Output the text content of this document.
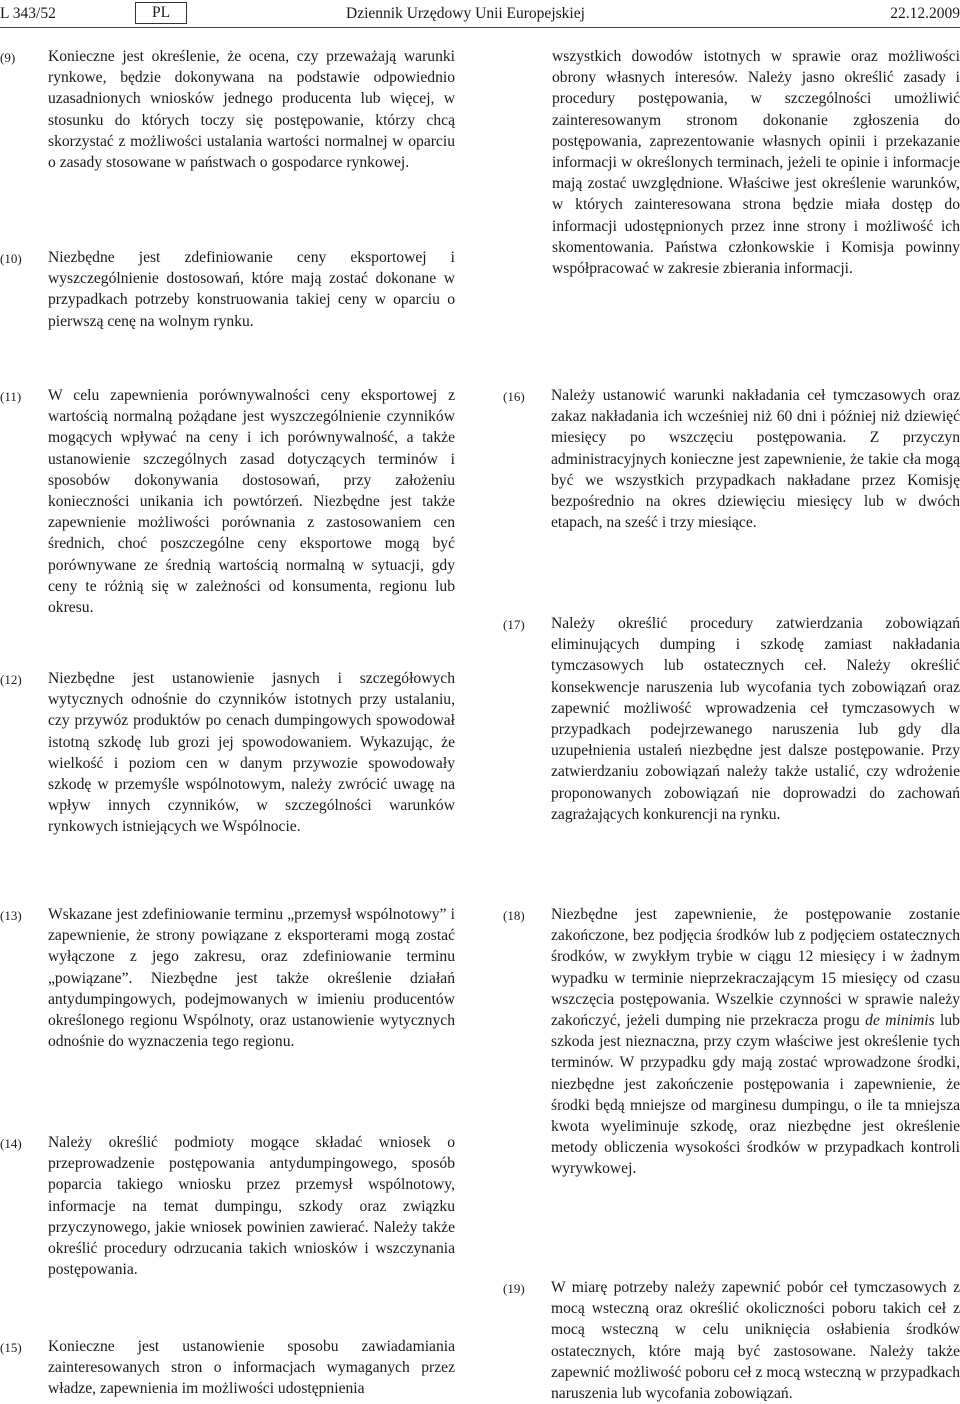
L 343/52	PL	Dziennik Urzędowy Unii Europejskiej	22.12.2009
(9) Konieczne jest określenie, że ocena, czy przeważają warunki rynkowe, będzie dokonywana na podstawie odpowiednio uzasadnionych wniosków jednego producenta lub więcej, w stosunku do których toczy się postępowanie, którzy chcą skorzystać z możliwości ustalania wartości normalnej w oparciu o zasady stosowane w państwach o gospodarce rynkowej.
(10) Niezbędne jest zdefiniowanie ceny eksportowej i wyszczególnienie dostosowań, które mają zostać dokonane w przypadkach potrzeby konstruowania takiej ceny w oparciu o pierwszą cenę na wolnym rynku.
(11) W celu zapewnienia porównywalności ceny eksportowej z wartością normalną pożądane jest wyszczególnienie czynników mogących wpływać na ceny i ich porównywalność, a także ustanowienie szczególnych zasad dotyczących terminów i sposobów dokonywania dostosowań, przy założeniu konieczności unikania ich powtórzeń. Niezbędne jest także zapewnienie możliwości porównania z zastosowaniem cen średnich, choć poszczególne ceny eksportowe mogą być porównywane ze średnią wartością normalną w sytuacji, gdy ceny te różnią się w zależności od konsumenta, regionu lub okresu.
(12) Niezbędne jest ustanowienie jasnych i szczegółowych wytycznych odnośnie do czynników istotnych przy ustalaniu, czy przywóz produktów po cenach dumpingowych spowodował istotną szkodę lub grozi jej spowodowaniem. Wykazując, że wielkość i poziom cen w danym przywozie spowodowały szkodę w przemyśle wspólnotowym, należy zwrócić uwagę na wpływ innych czynników, w szczególności warunków rynkowych istniejących we Wspólnocie.
(13) Wskazane jest zdefiniowanie terminu „przemysł wspólnotowy” i zapewnienie, że strony powiązane z eksporterami mogą zostać wyłączone z jego zakresu, oraz zdefiniowanie terminu „powiązane”. Niezbędne jest także określenie działań antydumpingowych, podejmowanych w imieniu producentów określonego regionu Wspólnoty, oraz ustanowienie wytycznych odnośnie do wyznaczenia tego regionu.
(14) Należy określić podmioty mogące składać wniosek o przeprowadzenie postępowania antydumpingowego, sposób poparcia takiego wniosku przez przemysł wspólnotowy, informacje na temat dumpingu, szkody oraz związku przyczynowego, jakie wniosek powinien zawierać. Należy także określić procedury odrzucania takich wniosków i wszczynania postępowania.
(15) Konieczne jest ustanowienie sposobu zawiadamiania zainteresowanych stron o informacjach wymaganych przez władze, zapewnienia im możliwości udostępnienia
wszystkich dowodów istotnych w sprawie oraz możliwości obrony własnych interesów. Należy jasno określić zasady i procedury postępowania, w szczególności umożliwić zainteresowanym stronom dokonanie zgłoszenia do postępowania, zaprezentowanie własnych opinii i przekazanie informacji w określonych terminach, jeżeli te opinie i informacje mają zostać uwzględnione. Właściwe jest określenie warunków, w których zainteresowana strona będzie miała dostęp do informacji udostępnionych przez inne strony i możliwość ich skomentowania. Państwa członkowskie i Komisja powinny współpracować w zakresie zbierania informacji.
(16) Należy ustanowić warunki nakładania ceł tymczasowych oraz zakaz nakładania ich wcześniej niż 60 dni i później niż dziewięć miesięcy po wszczęciu postępowania. Z przyczyn administracyjnych konieczne jest zapewnienie, że takie cła mogą być we wszystkich przypadkach nakładane przez Komisję bezpośrednio na okres dziewięciu miesięcy lub w dwóch etapach, na sześć i trzy miesiące.
(17) Należy określić procedury zatwierdzania zobowiązań eliminujących dumping i szkodę zamiast nakładania tymczasowych lub ostatecznych ceł. Należy określić konsekwencje naruszenia lub wycofania tych zobowiązań oraz zapewnić możliwość wprowadzenia ceł tymczasowych w przypadkach podejrzewanego naruszenia lub gdy dla uzupełnienia ustaleń niezbędne jest dalsze postępowanie. Przy zatwierdzaniu zobowiązań należy także ustalić, czy wdrożenie proponowanych zobowiązań nie doprowadzi do zachowań zagrażających konkurencji na rynku.
(18) Niezbędne jest zapewnienie, że postępowanie zostanie zakończone, bez podjęcia środków lub z podjęciem ostatecznych środków, w zwykłym trybie w ciągu 12 miesięcy i w żadnym wypadku w terminie nieprzekraczającym 15 miesięcy od czasu wszczęcia postępowania. Wszelkie czynności w sprawie należy zakończyć, jeżeli dumping nie przekracza progu de minimis lub szkoda jest nieznaczna, przy czym właściwe jest określenie tych terminów. W przypadku gdy mają zostać wprowadzone środki, niezbędne jest zakończenie postępowania i zapewnienie, że środki będą mniejsze od marginesu dumpingu, o ile ta mniejsza kwota wyeliminuje szkodę, oraz niezbędne jest określenie metody obliczenia wysokości środków w przypadkach kontroli wyrywkowej.
(19) W miarę potrzeby należy zapewnić pobór ceł tymczasowych z mocą wsteczną oraz określić okoliczności poboru takich ceł z mocą wsteczną w celu uniknięcia osłabienia środków ostatecznych, które mają być zastosowane. Należy także zapewnić możliwość poboru ceł z mocą wsteczną w przypadkach naruszenia lub wycofania zobowiązań.
